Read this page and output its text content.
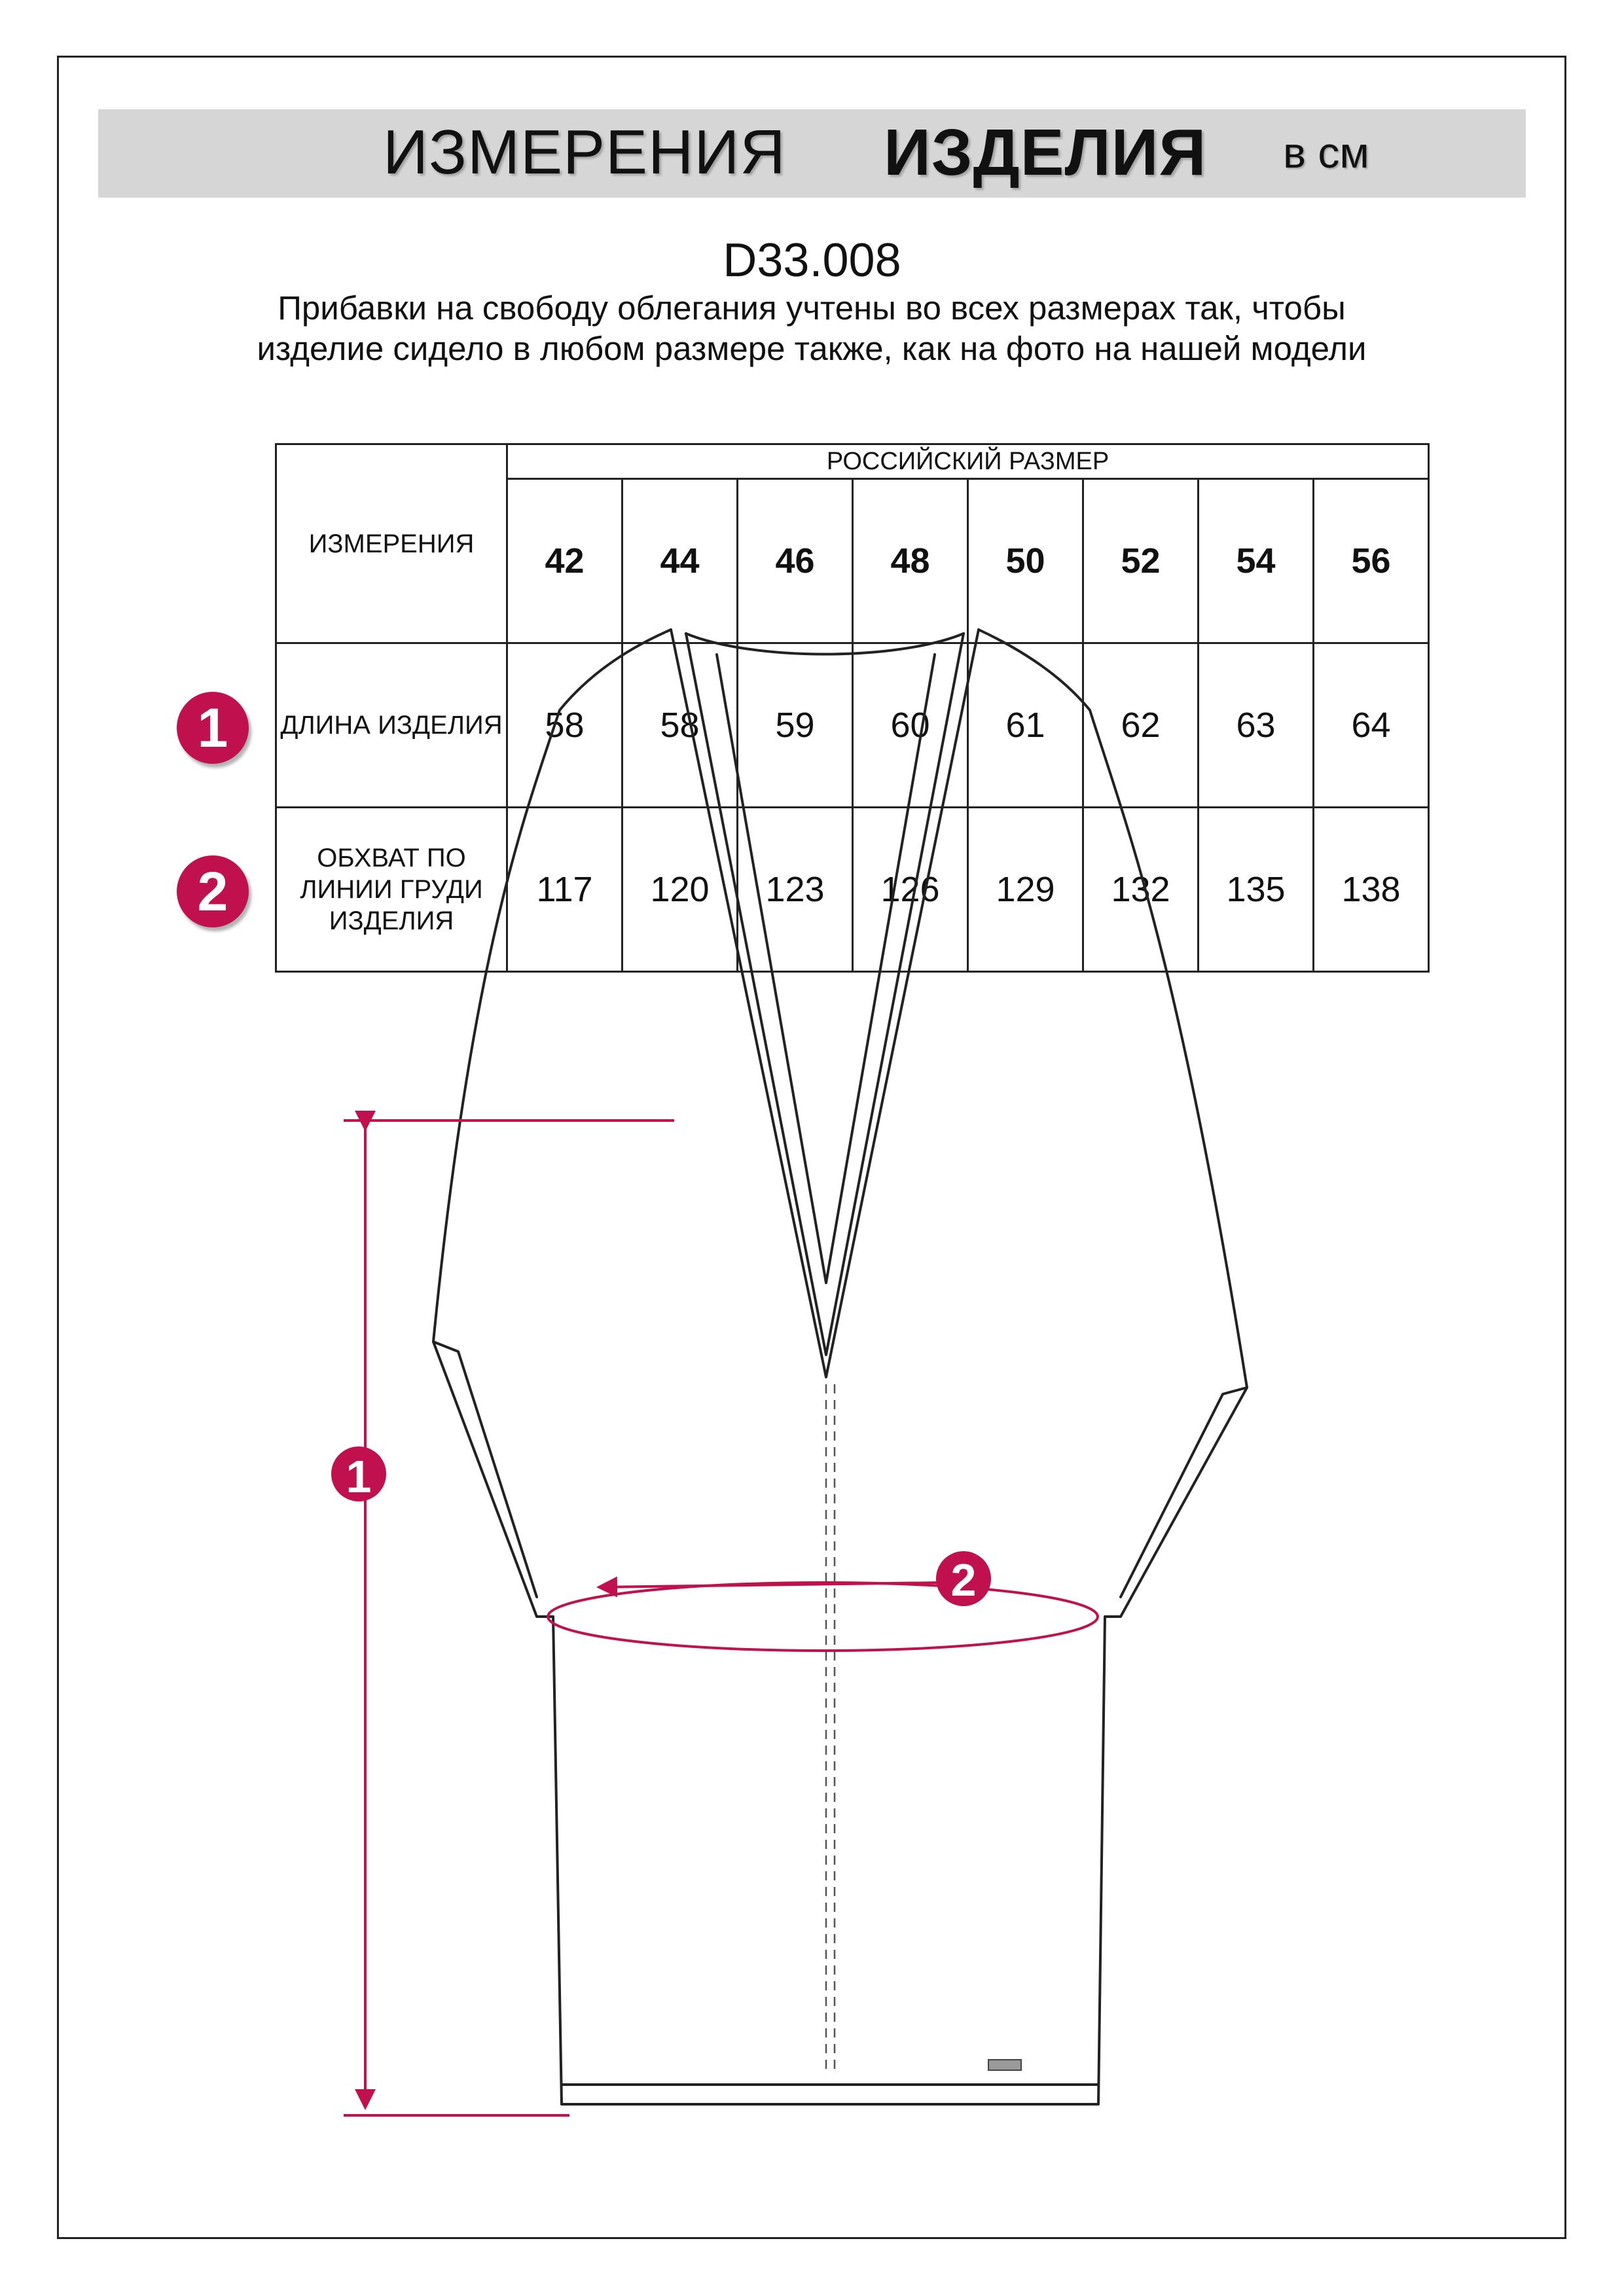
ИЗМЕРЕНИЯ ИЗДЕЛИЯ в см
D33.008
Прибавки на свободу облегания учтены во всех размерах так, чтобы изделие сидело в любом размере также, как на фото на нашей модели
ИЗМЕРЕНИЯ	РОССИЙСКИЙ РАЗМЕР							
	42	44	46	48	50	52	54	56
ДЛИНА ИЗДЕЛИЯ	58	58	59	60	61	62	63	64
ОБХВАТ ПО ЛИНИИ ГРУДИ ИЗДЕЛИЯ	117	120	123	126	129	132	135	138
1
2
1
2
